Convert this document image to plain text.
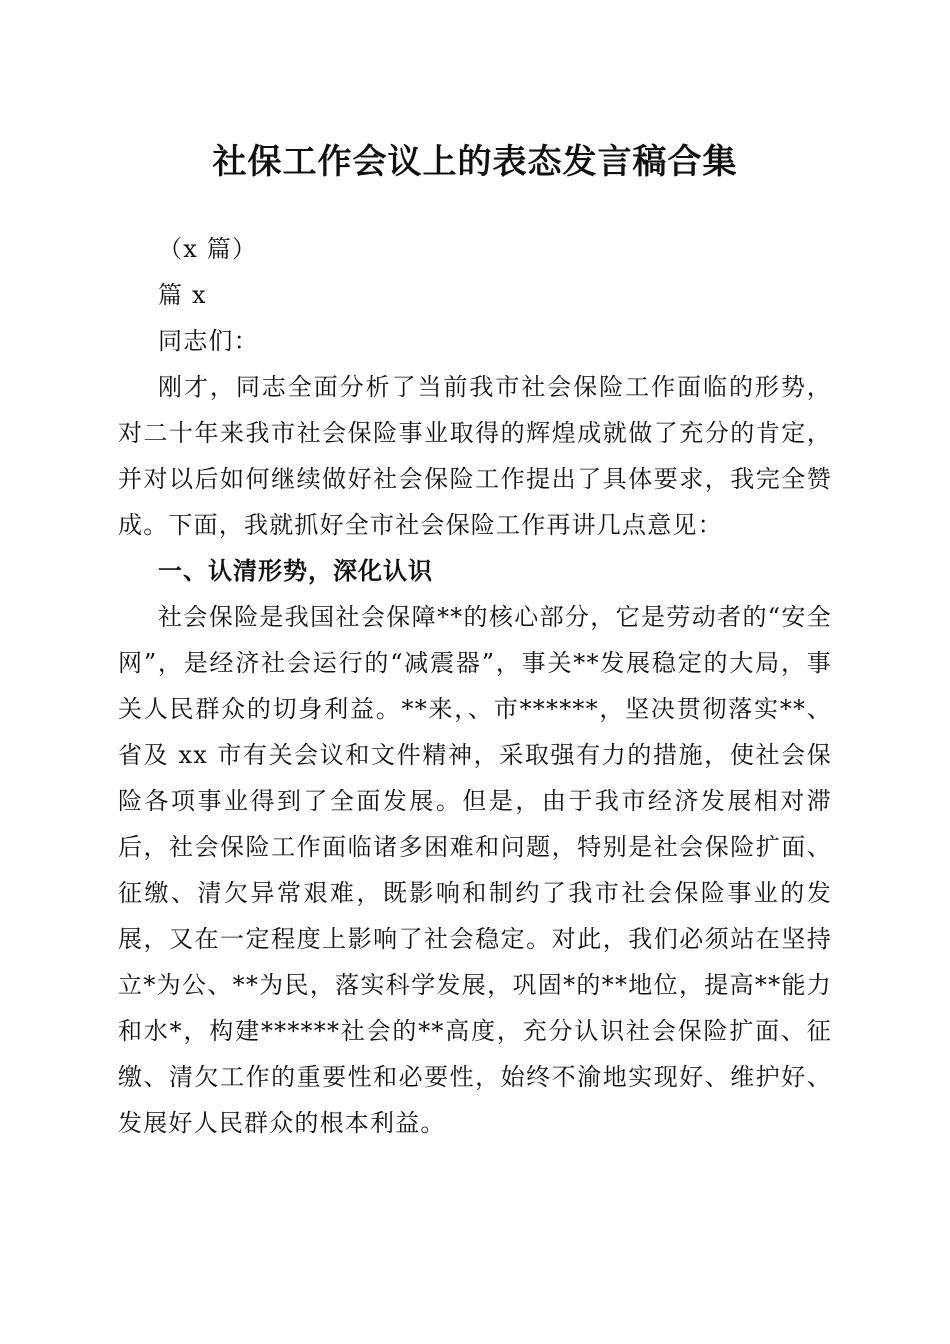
社保工作会议上的表态发言稿合集

（x 篇）

篇 x

同志们：

刚才，同志全面分析了当前我市社会保险工作面临的形势，对二十年来我市社会保险事业取得的辉煌成就做了充分的肯定，并对以后如何继续做好社会保险工作提出了具体要求，我完全赞成。下面，我就抓好全市社会保险工作再讲几点意见：

一、认清形势，深化认识

社会保险是我国社会保障**的核心部分，它是劳动者的“安全网”，是经济社会运行的“减震器”，事关**发展稳定的大局，事关人民群众的切身利益。**来，、市******，坚决贯彻落实**、省及 xx 市有关会议和文件精神，采取强有力的措施，使社会保险各项事业得到了全面发展。但是，由于我市经济发展相对滞后，社会保险工作面临诸多困难和问题，特别是社会保险扩面、征缴、清欠异常艰难，既影响和制约了我市社会保险事业的发展，又在一定程度上影响了社会稳定。对此，我们必须站在坚持立*为公、**为民，落实科学发展，巩固*的**地位，提高**能力和水*，构建******社会的**高度，充分认识社会保险扩面、征缴、清欠工作的重要性和必要性，始终不渝地实现好、维护好、发展好人民群众的根本利益。
